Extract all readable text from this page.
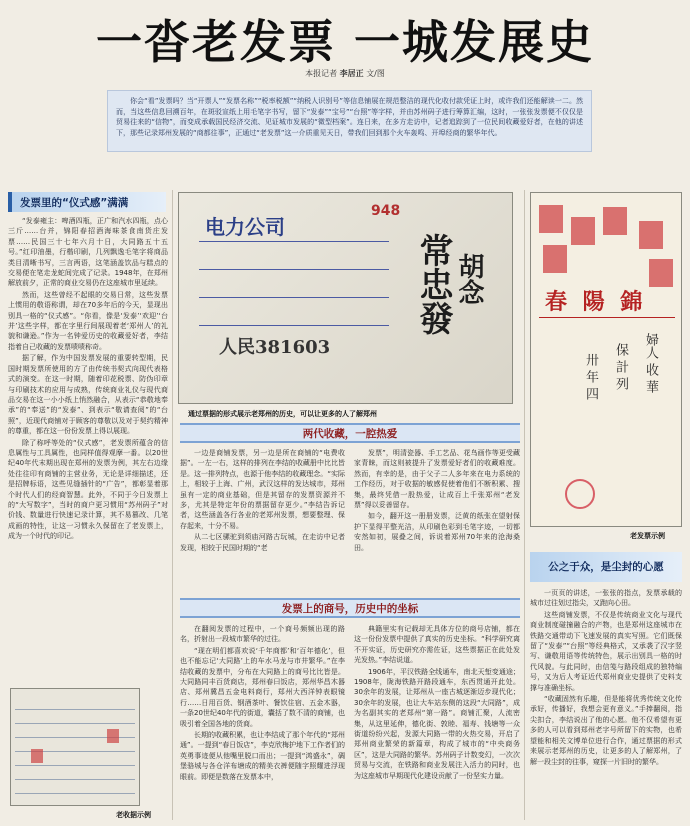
一沓老发票 一城发展史
本报记者 李居正 文/图

你会“看”发票吗？当“开票人”“发票名称”“税率税额”“纳税人识别号”等信息铺展在规范整洁的现代化收付款凭证上时，或许我们还能解读一二。然而，当这些信息回溯百年，在斑驳宣纸上用毛笔字书写，留下“发泰”“宝号”“台照”等字样，并由苏州码子进行筹算汇编，这时，一张张发票便不仅仅是贸易往来的“信物”，而变成承载国民经济交流、见证城市发展的“微型档案”。连日来，在多方走访中，记者追踪到了一位民间收藏爱好者，在他的讲述下，那些记录郑州发展的“商都往事”，正通过“老发票”这一介质重见天日，带我们回到那个火车轰鸣、开埠经商的繁华年代。

发票里的“仪式感”满满

“发泰雍主：啤酒四瓶，正广和汽水四瓶，点心三斤……台并，锦阳春招酒海味茶食南货庄发票……民国三十七年六月十日，大同路五十五号。”红印油墨，行楷印刷，几列飘逸毛笔字将商品类目清晰书写，三言两语，这笔涵盖饮品与糕点的交易便在笔走龙蛇间完成了记录。1948年，在郑州解放前夕，正常的商业交易仍在这座城市里延续。

然而，这些曾经不起眼的交易日常，这些发票上惯用的敬语称谓，却在70多年后的今天，显现出别具一格的“仪式感”。“你看，像是‘发泰’‘欢迎’‘台并’这些字样，都在字里行间展现着老‘郑州人’的礼貌和谦逊。”作为一名钟爱历史的收藏爱好者，李结指着自己收藏的发票啧啧称奇。

据了解，作为中国发票发展的重要转型期，民国时期发票所使用的方了由传统书契式向现代表格式的演变。在这一时期，随着印花税票、防伪印章与印刷技术的应用与成熟，传统商业礼仪与现代商品交易在这一小小纸上悄然融合，从表示“恭敬地奉承”的“奉送”的“发泰”、到表示“敬请查阅”的“台照”，近现代商铺对于顾客的尊敬以及对于契约精神的尊重，都在这一份份发票上得以展现。

除了称呼等处的“仪式感”，老发票所蕴含的信息属性与工具属性，也同样值得观摩一番。以20世纪40年代末期出现在郑州的发票为例，其左右边缘处往往印有商铺的主营业务，无论是详细描述，还是招牌标语，这些见缝插针的“广告”，都彰显着那个时代人们的经商智慧。此外，不同于今日发票上的“大写数字”，当时的商户更习惯用“苏州码子”对价钱、数量进行快速记录计算，其不易篡改、几笔成画的特性，让这一习惯永久保留在了老发票上，成为一个时代的印记。

老收据示例
电力公司
948
人民381603
常忠發 胡念
通过票据的形式展示老郑州的历史，可以让更多的人了解郑州
两代收藏，一腔热爱

一边是商铺发票，另一边是所在商铺的“电费收据”。一左一右，这样的排列在李结的收藏册中比比皆是。这一排列特点，也源于他李结的收藏理念。“实际上，相较于上海、广州，武汉这样的发达城市，郑州虽有一定的商业基础，但是其留存的发票资源并不多，尤其是特定年份的票据留存更少。”李结告诉记者，这些涵盖各行各业的老郑州发票，想要整理、保存起来，十分不易。

从二七区骡驼到须庙河路古玩城，在走访中记者发现，相较于民国时期的“老

发票”，明清瓷器、手工艺品、花鸟画作等更受藏家青睐，而这则被提升了发票爱好者们的收藏难度。然而，有幸的是，由于父子二人多年来在电力系统的工作经历，对于收据的敏感促使着他们不断积累、搜集，最终凭借一股热爱，让成百上千张郑州“老发票”得以妥善留存。

如今，翻开这一册册发票，泛黄的纸张在望射保护下显得平整光洁，从印刷色彩到毛笔字迹，一切都安然如初，展叠之间，诉说着郑州70年来的沧海桑田。

发票上的商号，历史中的坐标

在翻阅发票的过程中，一个商号频频出现的路名，折射出一段城市繁华的过往。

“现在明们都喜欢说‘千年商都’和‘百年德化’，但也不能忘记‘大同路’上的车水马龙与市井繁华。”在李结收藏的发票中，分布在大同路上的商号比比皆是。大同路同丰百货商店，郑州春曰饭店，郑州华昌木器店、郑州冀昌五金电料商行，郑州大西洋钟表眼镜行……日用百货、钢酒茶叶、餐饮住宿、五金木器，一条20世纪40年代的街道，囊括了数不清的商铺，也吸引着全国各地的货商。

长期的收藏积累，也让李结成了那个年代的“郑州通”。一提到“春日饭店”，李克欣梅护地下工作者们的英勇事迹便从他嘴里脱口而出；一提到“鸿盛永”，碉堡骆城与各仓洋布塘成的精美衣裤便随字照耀进浮现眼前。即便是数落在发票本中，

典籍里实有记载却无具体方位的商号店铺，都在这一份份发票中提供了真实的历史坐标。“科学研究离不开实证，历史研究亦需佐证，这些票据正在此处发光发热。”李结说道。

1906年，平汉铁路全线通车，南北天堑变通途；1908年，陇海铁路开路段通车，东西贯通开此处。30余年的发展，让郑州从一座古城逐渐迈步现代化；30余年的发展，也让大车站东侧的这段“大同路”，成为名副其实的老郑州“第一路”。商铺汇聚，人流密集，从这里延伸，德化街、敦睦、福寿、钱塘等一众街道纷纷兴起，发源大同路一带的火热交易，开启了郑州商业繁荣的新篇章，构成了城市的“中央商务区”，这是大同路的繁华。苏州码子计数变幻，一次次贸易与交流，在铁路和商业发展注入活力的同时，也为这座城市早期现代化建设贡献了一份坚实力量。

春 陽 錦
婦人 收 華
保 計 列
卅 年 四
老发票示例
公之于众，是尘封的心愿

一页页的讲述，一张张的指点，发票承载的城市过往划过指尖，又跑向心田。

这些商铺发票，不仅是传统商业文化与现代商业制度碰撞融合的产物，也是郑州这座城市在铁路交通带动下飞速发展的真实写照。它们既保留了“发泰”“台照”等经典格式，又承袭了汉字竖写、谦敬用语等传统特色，展示出别具一格的时代风貌。与此同时，由信笺与路段组成的独特编号，又为后人考证近代郑州商业史提供了史料支撑与准确坐标。

“收藏固然有乐趣，但是能将优秀传统文化传承好，传播好，我想会更有意义。”手捧翻阅，指尖扣合，李结说出了他的心愿。他不仅希望有更多的人可以看到郑州老字号所留下的实物，也希望能和相关文博单位进行合作，通过票据的形式来展示老郑州的历史，让更多的人了解郑州，了解一段尘封的往事，窥探一片旧时的繁华。
